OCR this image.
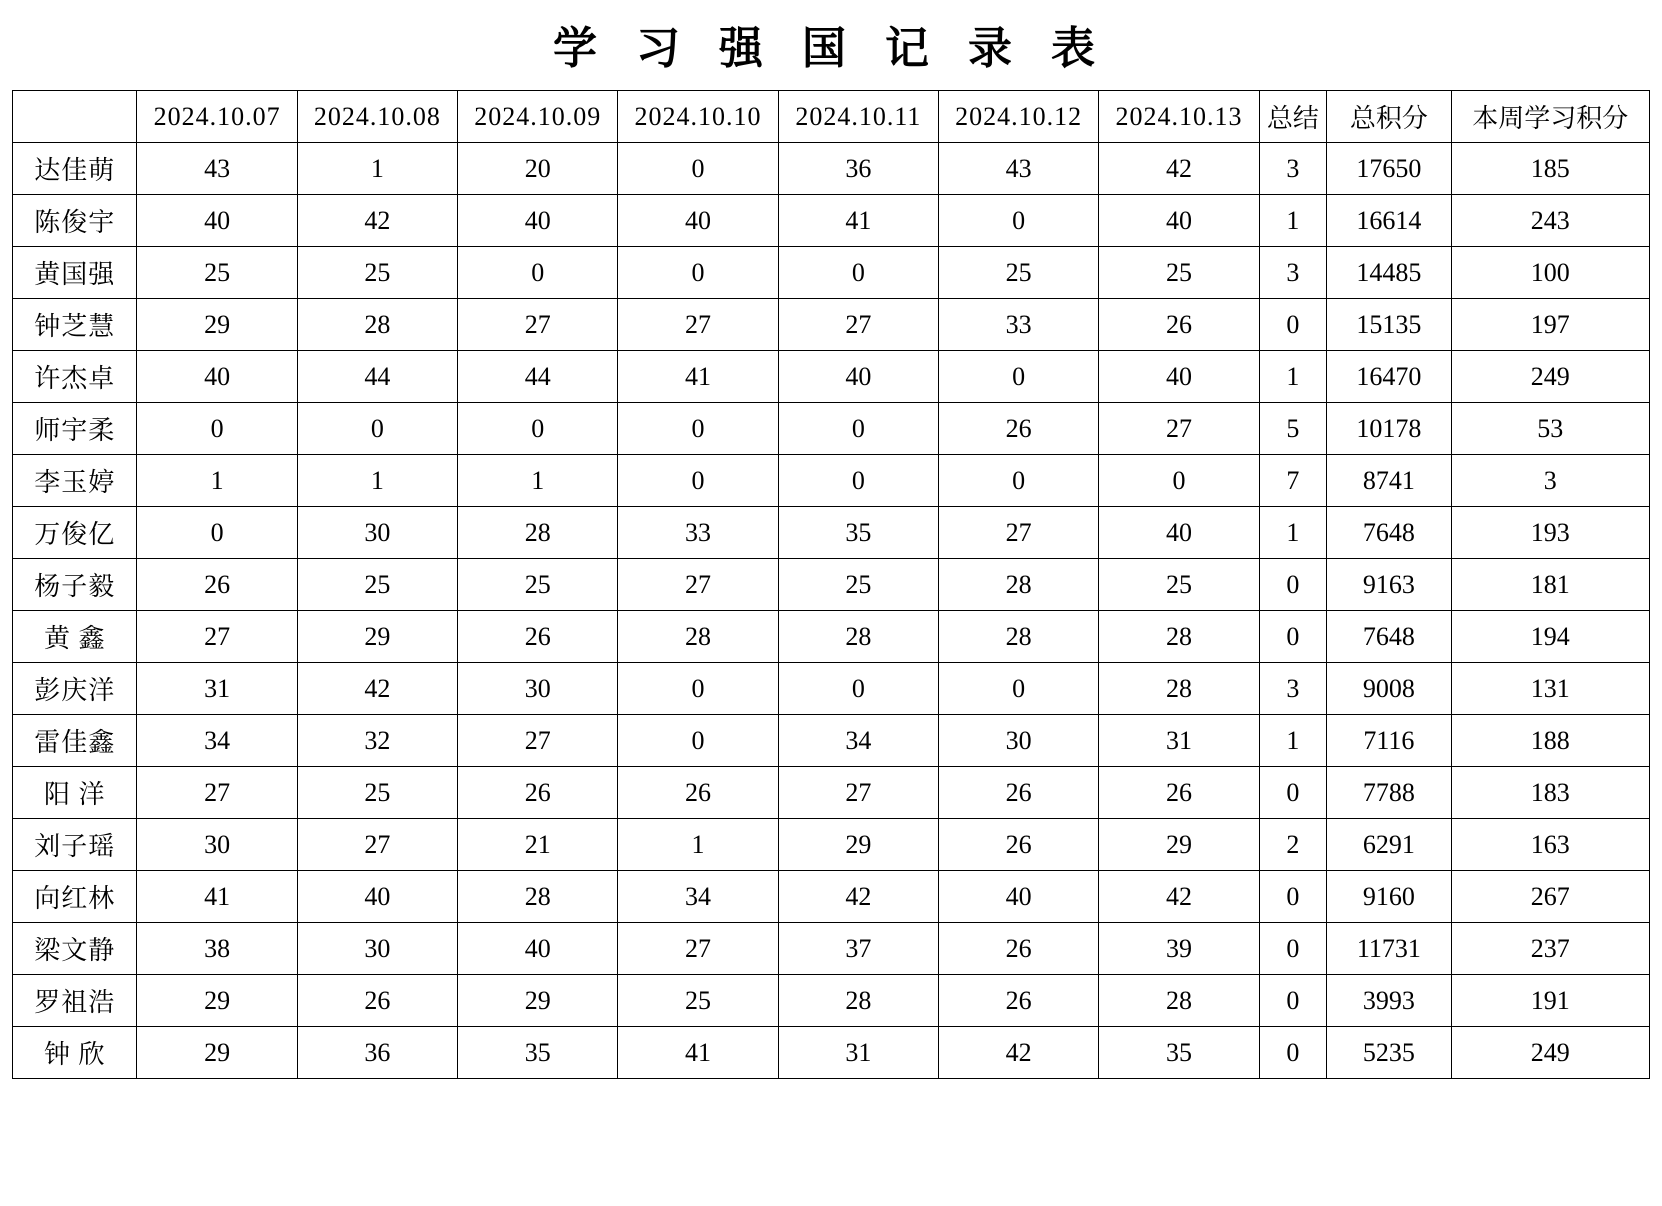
学 习 强 国 记 录 表
	2024.10.07	2024.10.08	2024.10.09	2024.10.10	2024.10.11	2024.10.12	2024.10.13	总结	总积分	本周学习积分
达佳萌	43	1	20	0	36	43	42	3	17650	185
陈俊宇	40	42	40	40	41	0	40	1	16614	243
黄国强	25	25	0	0	0	25	25	3	14485	100
钟芝慧	29	28	27	27	27	33	26	0	15135	197
许杰卓	40	44	44	41	40	0	40	1	16470	249
师宇柔	0	0	0	0	0	26	27	5	10178	53
李玉婷	1	1	1	0	0	0	0	7	8741	3
万俊亿	0	30	28	33	35	27	40	1	7648	193
杨子毅	26	25	25	27	25	28	25	0	9163	181
黄 鑫	27	29	26	28	28	28	28	0	7648	194
彭庆洋	31	42	30	0	0	0	28	3	9008	131
雷佳鑫	34	32	27	0	34	30	31	1	7116	188
阳 洋	27	25	26	26	27	26	26	0	7788	183
刘子瑶	30	27	21	1	29	26	29	2	6291	163
向红林	41	40	28	34	42	40	42	0	9160	267
梁文静	38	30	40	27	37	26	39	0	11731	237
罗祖浩	29	26	29	25	28	26	28	0	3993	191
钟 欣	29	36	35	41	31	42	35	0	5235	249
